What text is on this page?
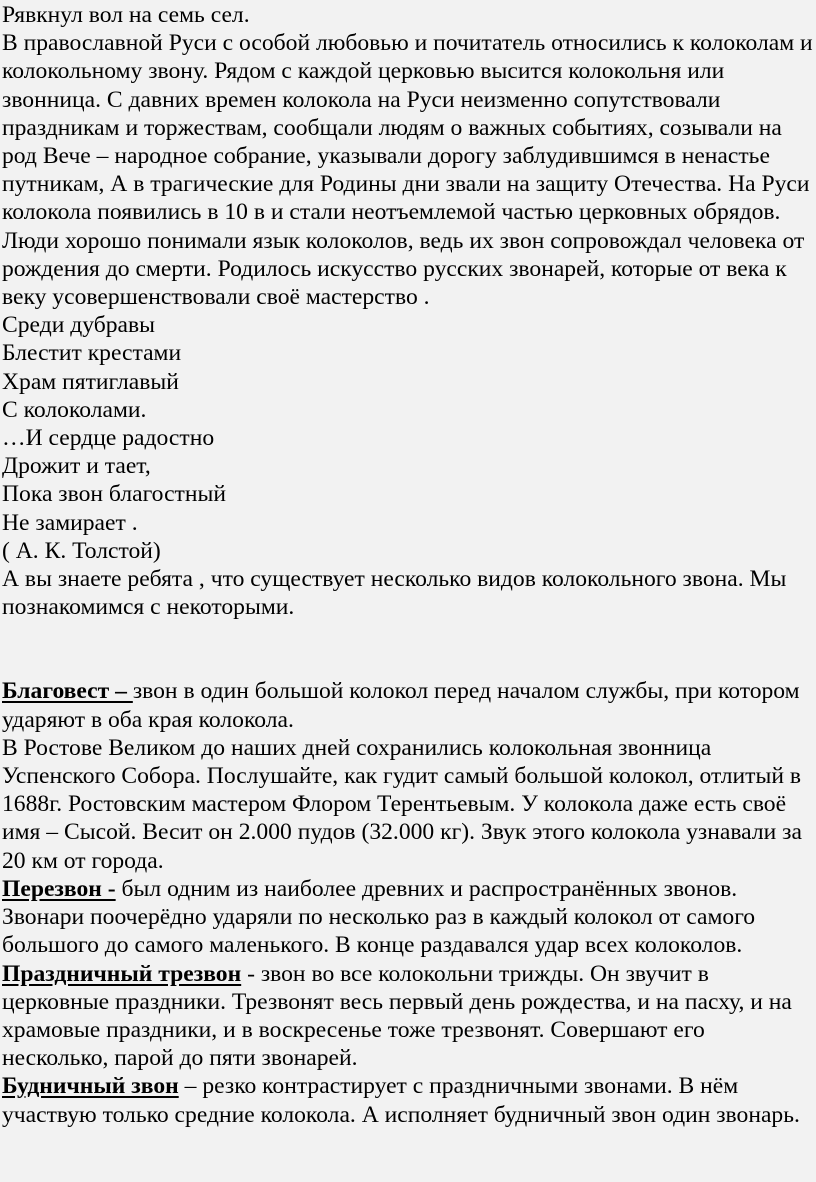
Рявкнул вол на семь сел.

В православной Руси с особой любовью и почитатель относились к колоколам и колокольному звону. Рядом с каждой церковью высится колокольня или звонница. С давних времен колокола на Руси неизменно сопутствовали праздникам и торжествам, сообщали людям о важных событиях, созывали на род Вече – народное собрание, указывали дорогу заблудившимся в ненастье путникам, А в трагические для Родины дни звали на защиту Отечества. На Руси колокола появились в 10 в и стали неотъемлемой частью церковных обрядов.

Люди хорошо понимали язык колоколов, ведь их звон сопровождал человека от рождения до смерти. Родилось искусство русских звонарей, которые от века к веку усовершенствовали своё мастерство .

Среди дубравы

Блестит крестами

Храм пятиглавый

С колоколами.

…И сердце радостно

Дрожит и тает,

Пока звон благостный

Не замирает .

( А. К. Толстой)

А вы знаете ребята , что существует несколько видов колокольного звона. Мы познакомимся с некоторыми.

Благовест – звон в один большой колокол перед началом службы, при котором ударяют в оба края колокола.

В Ростове Великом до наших дней сохранились колокольная звонница Успенского Собора. Послушайте, как гудит самый большой колокол, отлитый в 1688г. Ростовским мастером Флором Терентьевым. У колокола даже есть своё имя – Сысой. Весит он 2.000 пудов (32.000 кг). Звук этого колокола узнавали за 20 км от города.

Перезвон - был одним из наиболее древних и распространённых звонов. Звонари поочерёдно ударяли по несколько раз в каждый колокол от самого большого до самого маленького. В конце раздавался удар всех колоколов.

Праздничный трезвон - звон во все колокольни трижды. Он звучит в церковные праздники. Трезвонят весь первый день рождества, и на пасху, и на храмовые праздники, и в воскресенье тоже трезвонят. Совершают его несколько, парой до пяти звонарей.

Будничный звон – резко контрастирует с праздничными звонами. В нём участвую только средние колокола. А исполняет будничный звон один звонарь.
